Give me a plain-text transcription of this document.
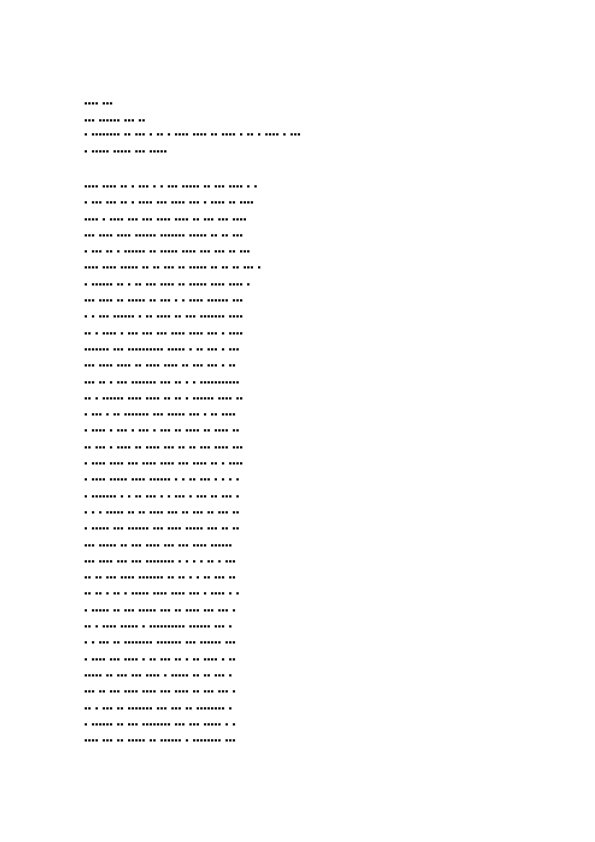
▪▪▪▪ ▪▪▪
▪▪▪ ▪▪▪▪▪▪ ▪▪▪ ▪▪
▪ ▪▪▪▪▪▪▪▪ ▪▪ ▪▪▪ ▪ ▪▪ ▪ ▪▪▪▪ ▪▪▪▪ ▪▪ ▪▪▪▪ ▪ ▪▪ ▪ ▪▪▪▪ ▪ ▪▪▪
▪ ▪▪▪▪▪ ▪▪▪▪▪ ▪▪▪ ▪▪▪▪▪
▪▪▪▪ ▪▪▪▪ ▪▪ ▪ ▪▪▪ ▪ ▪ ▪▪▪ ▪▪▪▪▪ ▪▪ ▪▪▪ ▪▪▪▪ ▪ ▪
▪ ▪▪▪ ▪▪▪ ▪▪ ▪ ▪▪▪▪ ▪▪▪ ▪▪▪▪ ▪▪▪ ▪ ▪▪▪▪ ▪▪ ▪▪▪▪
▪▪▪▪ ▪ ▪▪▪▪ ▪▪▪ ▪▪▪ ▪▪▪▪ ▪▪▪▪ ▪▪ ▪▪▪ ▪▪▪ ▪▪▪▪
▪▪▪ ▪▪▪▪ ▪▪▪▪ ▪▪▪▪▪▪ ▪▪▪▪▪▪▪ ▪▪▪▪▪ ▪▪ ▪▪ ▪▪▪
▪ ▪▪▪ ▪▪ ▪ ▪▪▪▪▪▪ ▪▪ ▪▪▪▪▪ ▪▪▪▪ ▪▪▪ ▪▪▪ ▪▪ ▪▪▪
▪▪▪▪ ▪▪▪▪ ▪▪▪▪▪ ▪▪ ▪▪ ▪▪▪ ▪▪ ▪▪▪▪▪ ▪▪ ▪▪ ▪▪ ▪▪▪ ▪
▪ ▪▪▪▪▪▪ ▪▪ ▪ ▪▪ ▪▪▪ ▪▪▪▪ ▪▪ ▪▪▪▪▪ ▪▪▪▪ ▪▪▪▪ ▪
▪▪▪ ▪▪▪▪ ▪▪ ▪▪▪▪▪ ▪▪ ▪▪▪ ▪ ▪ ▪▪▪▪ ▪▪▪▪▪▪ ▪▪▪
▪ ▪ ▪▪▪ ▪▪▪▪▪▪ ▪ ▪▪ ▪▪▪▪ ▪▪ ▪▪▪ ▪▪▪▪▪▪▪ ▪▪▪▪
▪▪ ▪ ▪▪▪▪ ▪ ▪▪▪ ▪▪▪ ▪▪▪ ▪▪▪▪ ▪▪▪▪ ▪▪▪ ▪ ▪▪▪▪
▪▪▪▪▪▪▪ ▪▪▪ ▪▪▪▪▪▪▪▪▪▪ ▪▪▪▪▪ ▪ ▪▪ ▪▪▪ ▪ ▪▪▪
▪▪▪ ▪▪▪▪ ▪▪▪▪ ▪▪ ▪▪▪▪ ▪▪▪▪ ▪▪ ▪▪▪ ▪▪▪ ▪ ▪▪
▪▪▪ ▪▪ ▪ ▪▪▪ ▪▪▪▪▪▪▪ ▪▪▪ ▪▪ ▪ ▪ ▪▪▪▪▪▪▪▪▪▪▪
▪▪ ▪ ▪▪▪▪▪▪ ▪▪▪▪ ▪▪▪▪ ▪▪ ▪▪ ▪ ▪▪▪▪▪▪ ▪▪▪▪ ▪▪
▪ ▪▪▪ ▪ ▪▪ ▪▪▪▪▪▪▪ ▪▪▪ ▪▪▪▪▪ ▪▪▪ ▪ ▪▪ ▪▪▪▪
▪ ▪▪▪▪ ▪ ▪▪▪ ▪ ▪▪▪ ▪ ▪▪▪ ▪▪ ▪▪▪▪ ▪▪ ▪▪▪▪ ▪▪
▪▪ ▪▪▪ ▪ ▪▪▪▪ ▪▪ ▪▪▪▪ ▪▪▪ ▪▪ ▪▪ ▪▪▪ ▪▪▪▪ ▪▪▪
▪ ▪▪▪▪ ▪▪▪▪ ▪▪▪ ▪▪▪▪ ▪▪▪▪ ▪▪▪ ▪▪▪▪ ▪▪ ▪ ▪▪▪▪
▪ ▪▪▪▪ ▪▪▪▪▪ ▪▪▪▪ ▪▪▪▪▪▪ ▪ ▪ ▪▪ ▪▪▪ ▪ ▪ ▪ ▪
▪ ▪▪▪▪▪▪▪ ▪ ▪ ▪▪ ▪▪▪ ▪ ▪ ▪▪▪ ▪ ▪▪▪ ▪▪ ▪▪▪ ▪
▪ ▪ ▪ ▪▪▪▪▪ ▪▪ ▪▪ ▪▪▪▪ ▪▪▪ ▪▪ ▪▪▪ ▪▪ ▪▪▪ ▪▪
▪ ▪▪▪▪▪ ▪▪▪ ▪▪▪▪▪▪ ▪▪▪ ▪▪▪▪ ▪▪▪▪▪ ▪▪▪ ▪▪ ▪▪
▪▪▪ ▪▪▪▪▪ ▪▪ ▪▪▪ ▪▪▪▪ ▪▪▪ ▪▪▪ ▪▪▪▪ ▪▪▪▪▪▪
▪▪▪ ▪▪▪▪ ▪▪▪ ▪▪▪ ▪▪▪▪▪▪▪▪ ▪ ▪ ▪ ▪ ▪▪ ▪ ▪▪▪
▪▪ ▪▪ ▪▪▪ ▪▪▪▪ ▪▪▪▪▪▪▪ ▪▪ ▪▪ ▪ ▪ ▪▪ ▪▪▪ ▪▪
▪▪ ▪▪ ▪ ▪▪ ▪ ▪▪▪▪▪ ▪▪▪▪ ▪▪▪▪ ▪▪▪ ▪ ▪▪▪▪ ▪ ▪
▪ ▪▪▪▪▪ ▪▪ ▪▪▪ ▪▪▪▪▪ ▪▪▪ ▪▪ ▪▪▪▪ ▪▪▪ ▪▪▪ ▪
▪▪ ▪ ▪▪▪▪ ▪▪▪▪▪ ▪ ▪▪▪▪▪▪▪▪▪▪ ▪▪▪▪▪▪ ▪▪▪ ▪
▪ ▪ ▪▪▪ ▪▪ ▪▪▪▪▪▪▪▪ ▪▪▪▪▪▪▪ ▪▪▪ ▪▪▪▪▪▪ ▪▪▪
▪ ▪▪▪▪ ▪▪▪ ▪▪▪▪ ▪ ▪▪ ▪▪▪ ▪▪ ▪ ▪▪ ▪▪▪▪ ▪ ▪▪
▪▪▪▪▪ ▪▪ ▪▪▪ ▪▪▪ ▪▪▪▪ ▪ ▪▪▪▪▪ ▪▪ ▪▪ ▪▪▪ ▪
▪▪▪ ▪▪ ▪▪▪ ▪▪▪▪ ▪▪▪▪ ▪▪▪ ▪▪▪▪ ▪▪ ▪▪▪ ▪▪▪ ▪
▪▪ ▪ ▪▪▪ ▪▪ ▪▪▪▪▪▪▪ ▪▪▪ ▪▪▪ ▪▪ ▪▪▪▪▪▪▪▪ ▪
▪ ▪▪▪▪▪▪ ▪▪ ▪▪▪ ▪▪▪▪▪▪▪▪ ▪▪▪ ▪▪▪ ▪▪▪▪▪ ▪ ▪
▪▪▪▪ ▪▪▪ ▪▪ ▪▪▪▪▪ ▪▪ ▪▪▪▪▪▪ ▪ ▪▪▪▪▪▪▪▪ ▪▪▪
